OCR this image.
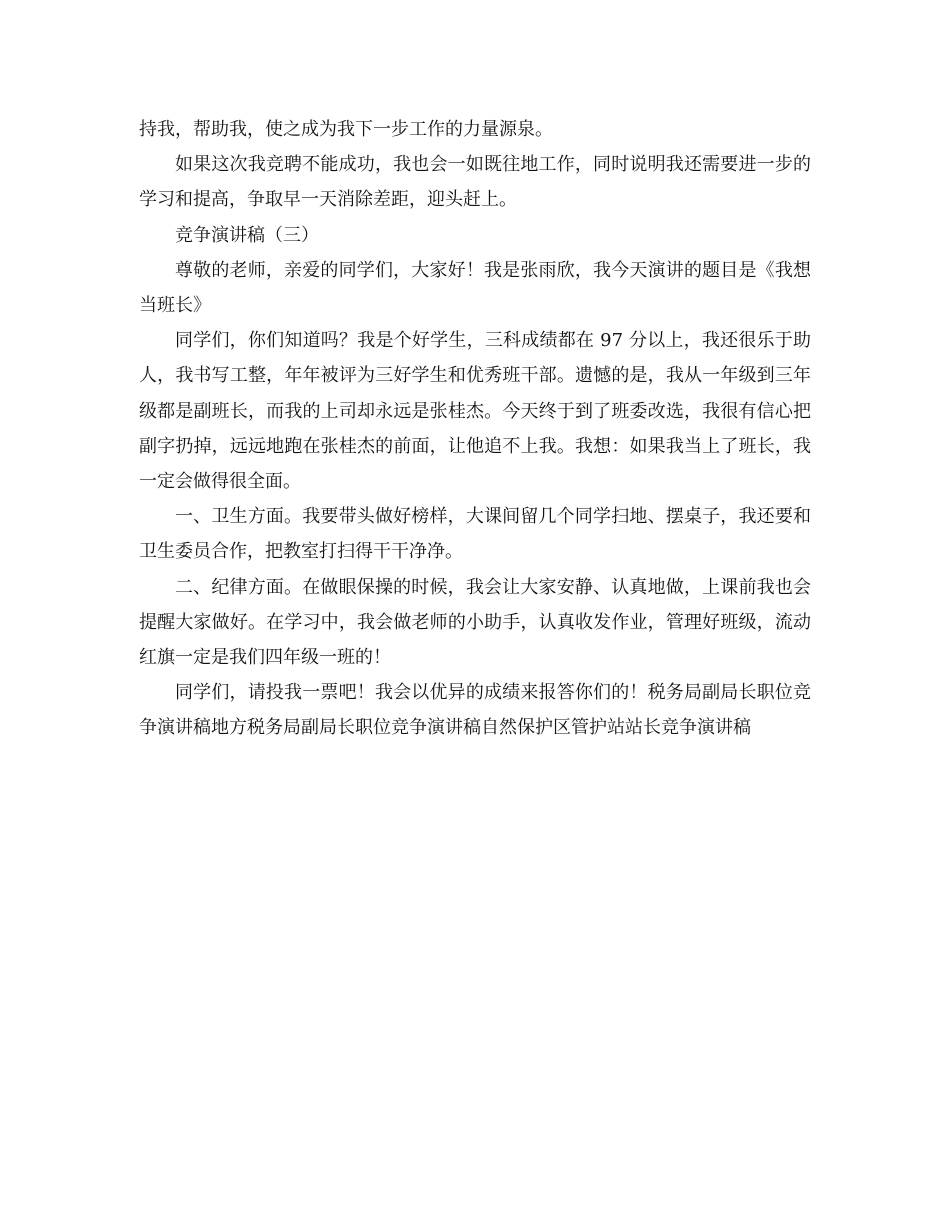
持我，帮助我，使之成为我下一步工作的力量源泉。

如果这次我竞聘不能成功，我也会一如既往地工作，同时说明我还需要进一步的学习和提高，争取早一天消除差距，迎头赶上。

竞争演讲稿（三）

尊敬的老师，亲爱的同学们，大家好！我是张雨欣，我今天演讲的题目是《我想当班长》

同学们，你们知道吗？我是个好学生，三科成绩都在 97 分以上，我还很乐于助人，我书写工整，年年被评为三好学生和优秀班干部。遗憾的是，我从一年级到三年级都是副班长，而我的上司却永远是张桂杰。今天终于到了班委改选，我很有信心把副字扔掉，远远地跑在张桂杰的前面，让他追不上我。我想：如果我当上了班长，我一定会做得很全面。

一、卫生方面。我要带头做好榜样，大课间留几个同学扫地、摆桌子，我还要和卫生委员合作，把教室打扫得干干净净。

二、纪律方面。在做眼保操的时候，我会让大家安静、认真地做，上课前我也会提醒大家做好。在学习中，我会做老师的小助手，认真收发作业，管理好班级，流动红旗一定是我们四年级一班的！

同学们，请投我一票吧！我会以优异的成绩来报答你们的！税务局副局长职位竞争演讲稿地方税务局副局长职位竞争演讲稿自然保护区管护站站长竞争演讲稿
